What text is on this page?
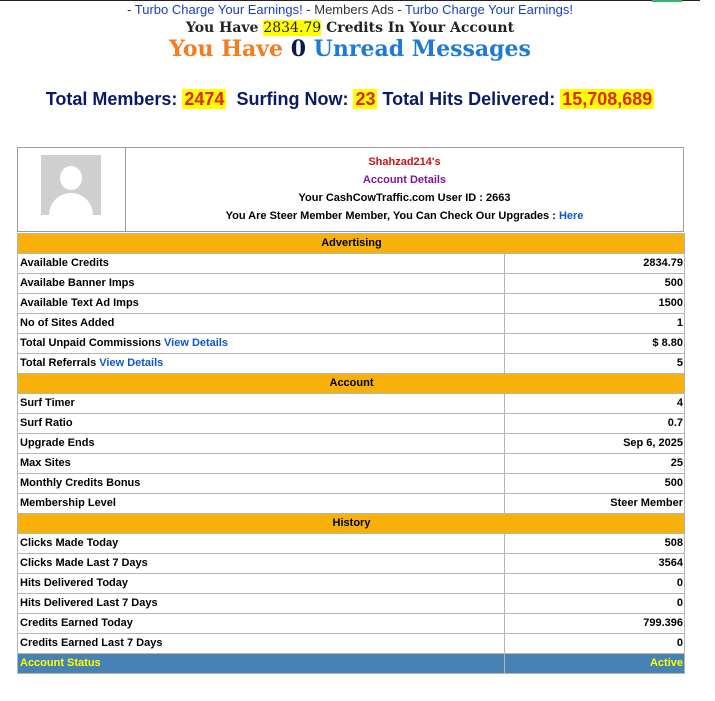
- Turbo Charge Your Earnings! - Members Ads - Turbo Charge Your Earnings!
You Have 2834.79 Credits In Your Account
You Have 0 Unread Messages
Total Members: 2474 Surfing Now: 23 Total Hits Delivered: 15,708,689
Shahzad214's
Account Details
Your CashCowTraffic.com User ID : 2663
You Are Steer Member Member, You Can Check Our Upgrades : Here
Advertising	
Available Credits	2834.79
Availabe Banner Imps	500
Available Text Ad Imps	1500
No of Sites Added	1
Total Unpaid Commissions View Details	$ 8.80
Total Referrals View Details	5
Account	
Surf Timer	4
Surf Ratio	0.7
Upgrade Ends	Sep 6, 2025
Max Sites	25
Monthly Credits Bonus	500
Membership Level	Steer Member
History	
Clicks Made Today	508
Clicks Made Last 7 Days	3564
Hits Delivered Today	0
Hits Delivered Last 7 Days	0
Credits Earned Today	799.396
Credits Earned Last 7 Days	0
Account Status	Active
